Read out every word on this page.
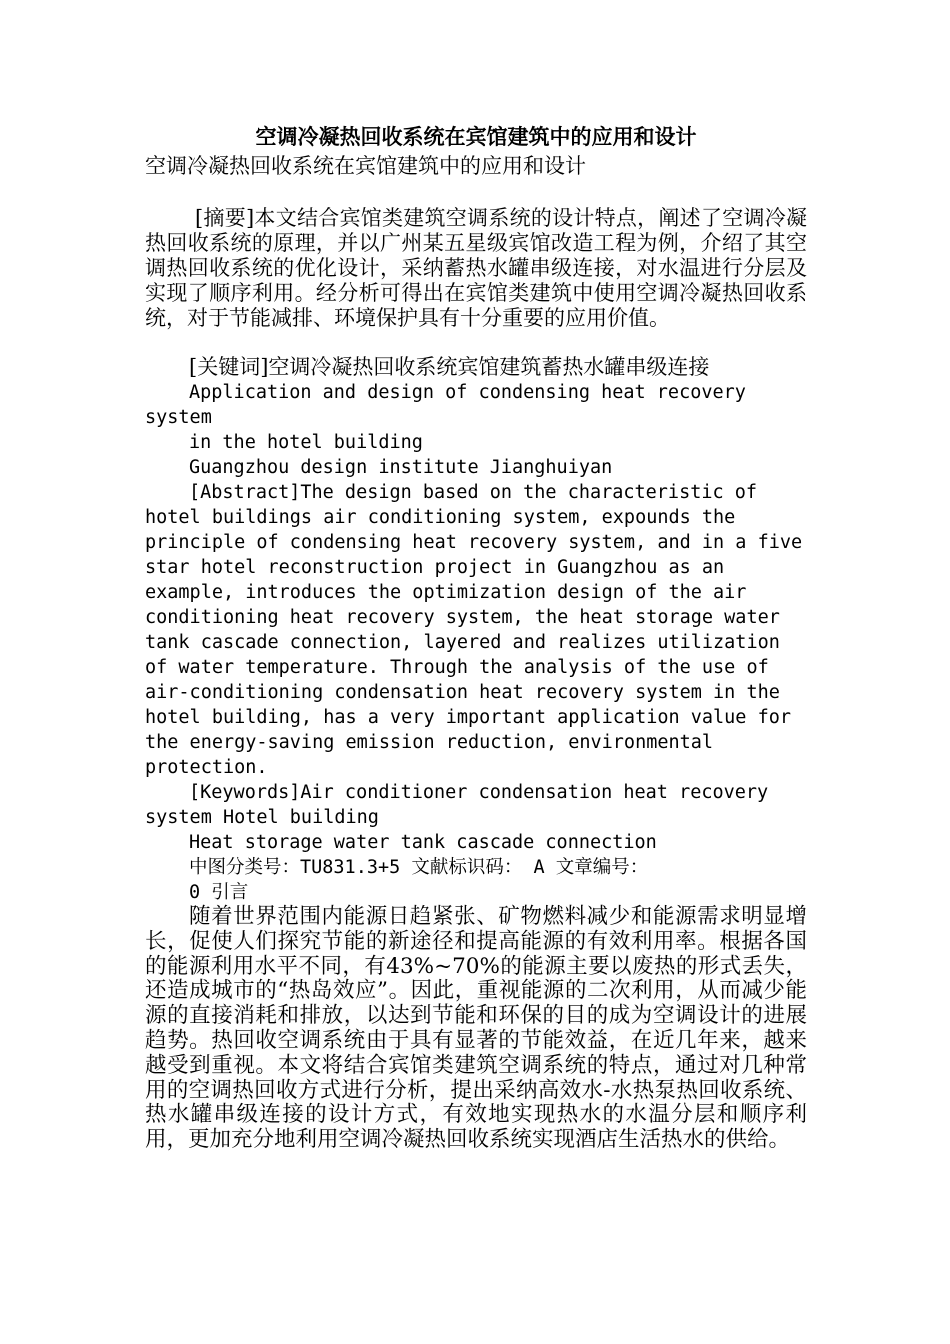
空调冷凝热回收系统在宾馆建筑中的应用和设计

空调冷凝热回收系统在宾馆建筑中的应用和设计

[摘要]本文结合宾馆类建筑空调系统的设计特点，阐述了空调冷凝热回收系统的原理，并以广州某五星级宾馆改造工程为例，介绍了其空调热回收系统的优化设计，采纳蓄热水罐串级连接，对水温进行分层及实现了顺序利用。经分析可得出在宾馆类建筑中使用空调冷凝热回收系统，对于节能减排、环境保护具有十分重要的应用价值。

[关键词]空调冷凝热回收系统宾馆建筑蓄热水罐串级连接

Application and design of condensing heat recovery

system

in the hotel building

Guangzhou design institute Jianghuiyan

[Abstract]The design based on the characteristic of

hotel buildings air conditioning system, expounds the

principle of condensing heat recovery system, and in a five

star hotel reconstruction project in Guangzhou as an

example, introduces the optimization design of the air

conditioning heat recovery system, the heat storage water

tank cascade connection, layered and realizes utilization

of water temperature. Through the analysis of the use of

air-conditioning condensation heat recovery system in the

hotel building, has a very important application value for

the energy-saving emission reduction, environmental

protection.

[Keywords]Air conditioner condensation heat recovery

system Hotel building

Heat storage water tank cascade connection

中图分类号：TU831.3+5 文献标识码： A 文章编号：

0 引言

随着世界范围内能源日趋紧张、矿物燃料减少和能源需求明显增长，促使人们探究节能的新途径和提高能源的有效利用率。根据各国的能源利用水平不同，有43%~70%的能源主要以废热的形式丢失，还造成城市的“热岛效应”。因此，重视能源的二次利用，从而减少能源的直接消耗和排放，以达到节能和环保的目的成为空调设计的进展趋势。热回收空调系统由于具有显著的节能效益，在近几年来，越来越受到重视。本文将结合宾馆类建筑空调系统的特点，通过对几种常用的空调热回收方式进行分析，提出采纳高效水-水热泵热回收系统、热水罐串级连接的设计方式，有效地实现热水的水温分层和顺序利用，更加充分地利用空调冷凝热回收系统实现酒店生活热水的供给。
